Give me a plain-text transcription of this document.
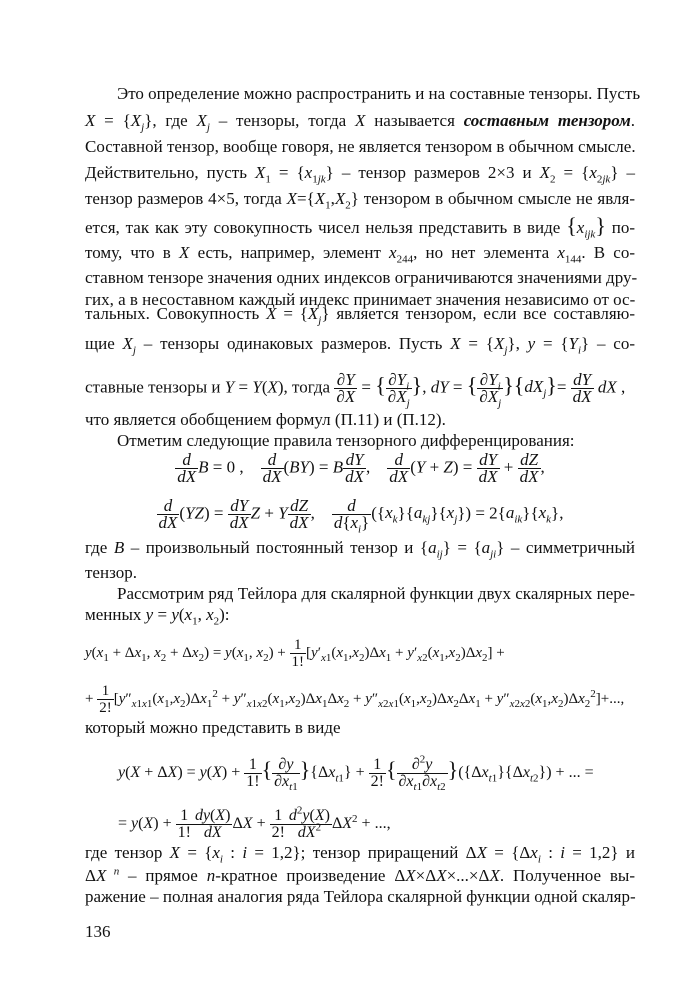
Это определение можно распространить и на составные тензоры. Пусть
$X = \{X_j\}$, где $X_j$ – тензоры, тогда X называется составным тензором.
Составной тензор, вообще говоря, не является тензором в обычном смысле.
Действительно, пусть $X_1 = \{x_{1jk}\}$ – тензор размеров 2×3 и $X_2 = \{x_{2jk}\}$ –
тензор размеров 4×5, тогда $X=\{X_1,X_2\}$ тензором в обычном смысле не явля-
ется, так как эту совокупность чисел нельзя представить в виде $\{x_{ijk}\}$ по-
тому, что в X есть, например, элемент $x_{244}$, но нет элемента $x_{144}$. В со-
ставном тензоре значения одних индексов ограничиваются значениями дру-
гих, а в несоставном каждый индекс принимает значения независимо от ос-
тальных. Совокупность $X = \{X_j\}$ является тензором, если все составляю-
щие $X_j$ – тензоры одинаковых размеров. Пусть $X = \{X_j\}$, $y = \{Y_i\} - со-$
ставные тензоры и Y = Y(X), тогда $\frac{\partial Y}{\partial X}$ = { $\frac{\partial Y_i}{\partial X_j}$ }, dY = { $\frac{\partial Y_i}{\partial X_j} \}\{dX_j\}= \frac{dY}{dX}$ dX ,
что является обобщением формул (П.11) и (П.12).
Отметим следующие правила тензорного дифференцирования:
$\frac{d}{dX}$ B = 0 , $\frac{d}{dX} (BY) = B \frac{dY}{dX}$ , $\frac{d}{dX} (Y + Z) = \frac{dY}{dX} + \frac{dZ}{dX}$ ,
$\frac{d}{dX} (YZ) = \frac{dY}{dX}$ Z + Y $\frac{dZ}{dX}$ , $\frac{d}{d\{x_i\}} (\{x_k\}\{a_{kj}\}\{x_j\}) = 2\{a_{ik}\}\{x_k\}$,
где B – произвольный постоянный тензор и $\{a_{ij}\} = \{a_{ji}\}$ – симметричный
тензор.
Рассмотрим ряд Тейлора для скалярной функции двух скалярных пере-
менных $y = y(x_1$, $x_2$):
$y(x_1 + \Delta x_1$, $x_2 + \Delta x_2) = y(x_1$, $x_2) + \frac{1}{1!} [y'_{x1}(x_1,x_2)\Delta x_1 + y'_{x2}(x_1,x_2)\Delta x_2]$ +
+ $\frac{1}{2!} [y''_{x1x1}(x_1,x_2)\Delta x_1^2 + y''_{x1x2}(x_1,x_2)\Delta x_1\Delta x_2 + y''_{x2x1}(x_1,x_2)\Delta x_2\Delta x_1 + y''_{x2x2}(x_1,x_2)\Delta x_2^2]+$...,
который можно представить в виде
$y(X + \Delta X) = y(X) + \frac{1}{1!}$ { $\frac{\partial y}{\partial x_{t1}} \}\{\Delta x_{t1}\} + \frac{1}{2!}$ { $\frac{\partial^2y}{\partial x_{t1}\partial x_{t2}} \}(\{\Delta x_{t1}\}\{\Delta x_{t2}\})$ + ... =
= $y(X) + \frac{1}{1!} \frac{dy(X)}{dX}$ $\Delta X + \frac{1}{2!} \frac{d^2y(X)}{dX^2} \Delta X^2$ + ...,
где тензор $X = \{x_i$ : i = 1,2}; тензор приращений $\Delta X = \{\Delta x_i$ : i = 1,2} и
ΔX $^n$ – прямое n-кратное произведение ΔX×ΔX×...×ΔX. Полученное вы-
ражение – полная аналогия ряда Тейлора скалярной функции одной скаляр-
136
